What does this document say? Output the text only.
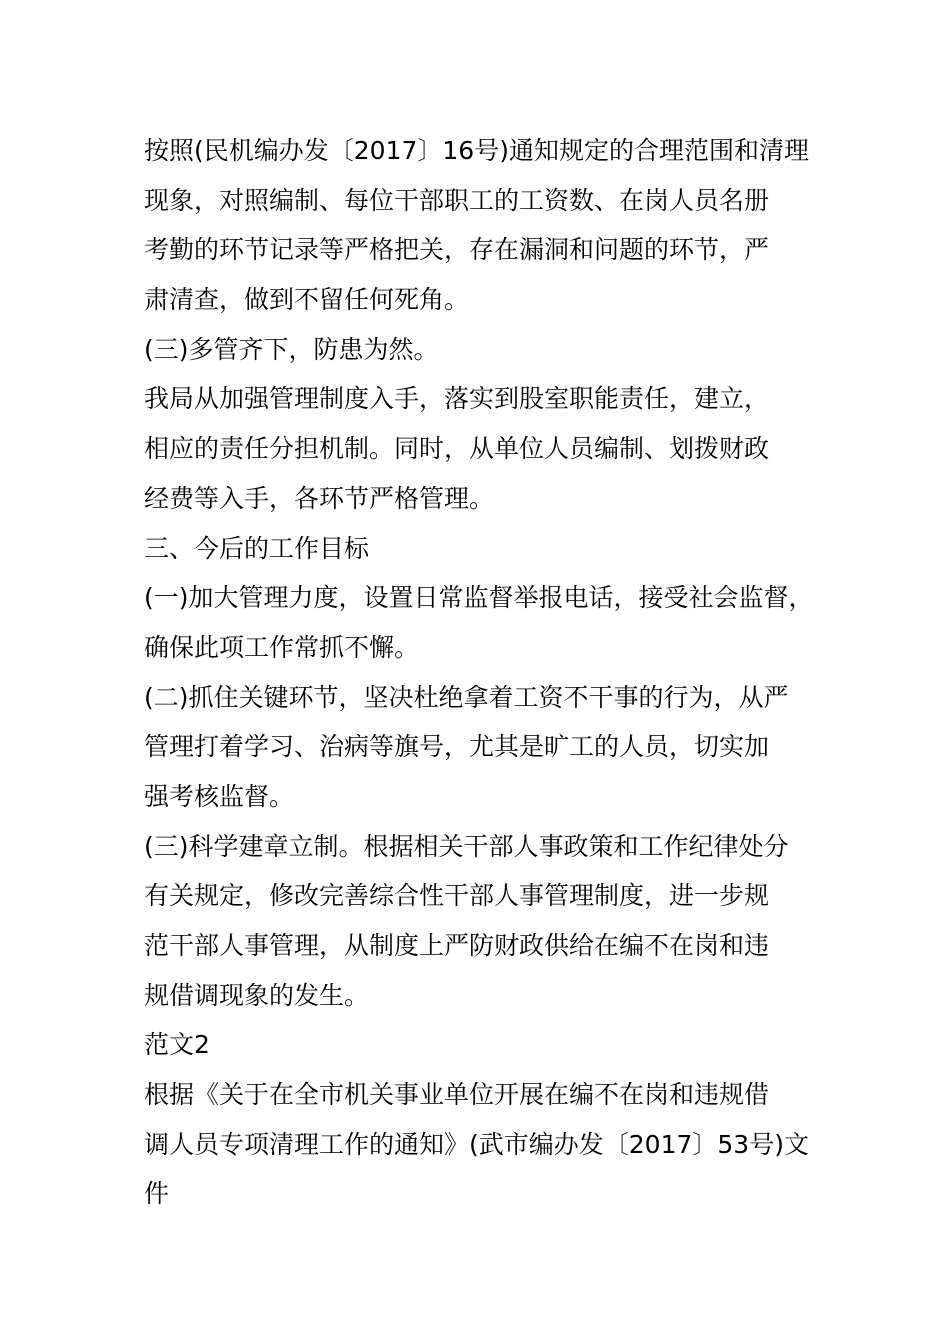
按照(民机编办发〔2017〕16号)通知规定的合理范围和清理
现象，对照编制、每位干部职工的工资数、在岗人员名册
考勤的环节记录等严格把关，存在漏洞和问题的环节，严
肃清查，做到不留任何死角。
(三)多管齐下，防患为然。
我局从加强管理制度入手，落实到股室职能责任，建立，
相应的责任分担机制。同时，从单位人员编制、划拨财政
经费等入手，各环节严格管理。
三、今后的工作目标
(一)加大管理力度，设置日常监督举报电话，接受社会监督，
确保此项工作常抓不懈。
(二)抓住关键环节，坚决杜绝拿着工资不干事的行为，从严
管理打着学习、治病等旗号，尤其是旷工的人员，切实加
强考核监督。
(三)科学建章立制。根据相关干部人事政策和工作纪律处分
有关规定，修改完善综合性干部人事管理制度，进一步规
范干部人事管理，从制度上严防财政供给在编不在岗和违
规借调现象的发生。
范文2
根据《关于在全市机关事业单位开展在编不在岗和违规借
调人员专项清理工作的通知》(武市编办发〔2017〕53号)文
件
